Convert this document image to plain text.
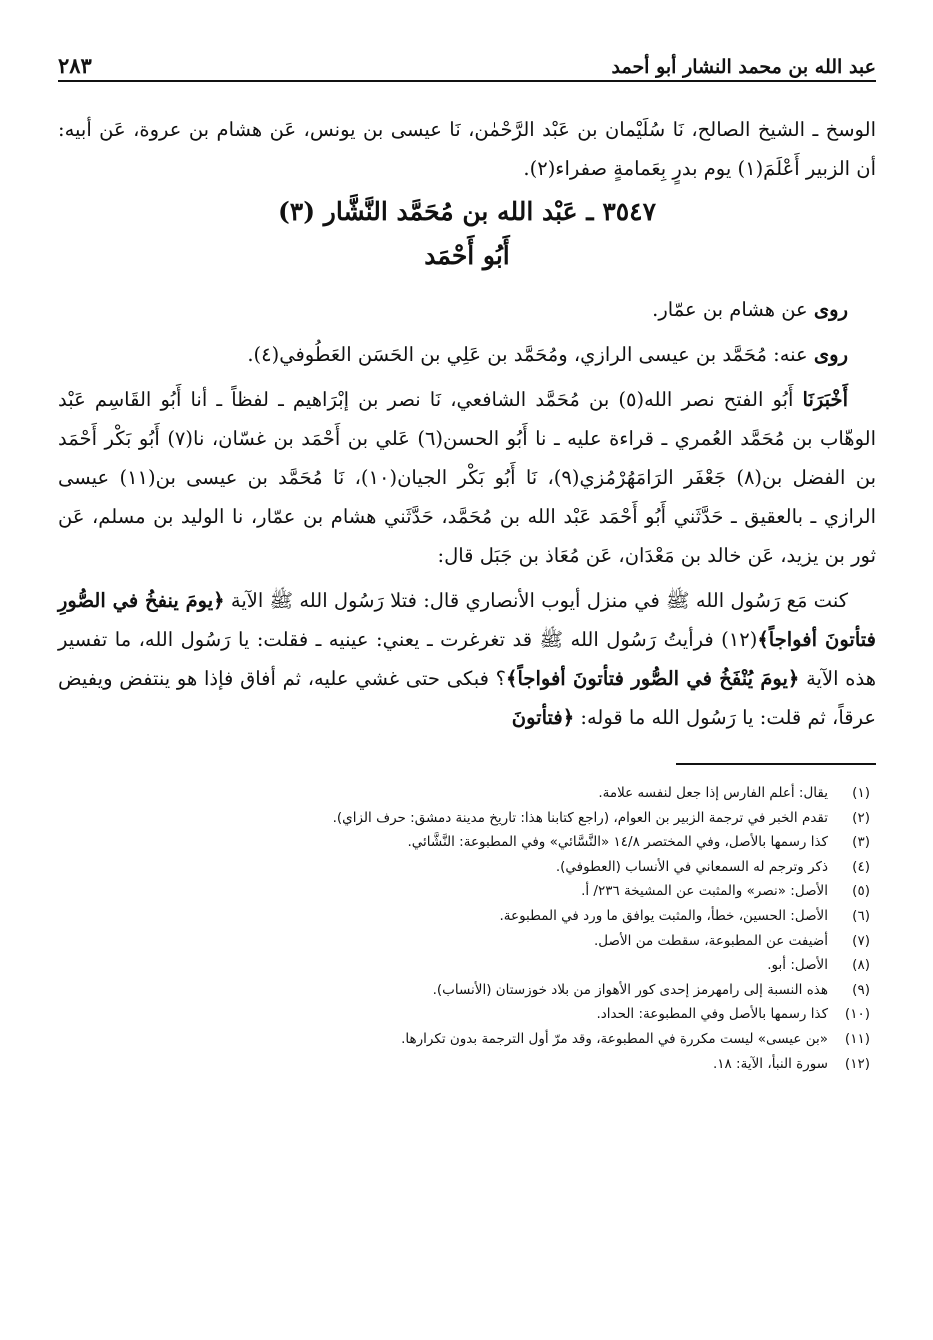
عبد الله بن محمد النشار أبو أحمد
٢٨٣

الوسخ ـ الشيخ الصالح، نَا سُلَيْمان بن عَبْد الرَّحْمٰن، نَا عيسى بن يونس، عَن هشام بن عروة، عَن أبيه: أن الزبير أَعْلَمَ(١) يوم بدرٍ بِعَمامةٍ صفراء(٢).

٣٥٤٧ ـ عَبْد الله بن مُحَمَّد النَّشَّار (٣)
أَبُو أَحْمَد

روى عن هشام بن عمّار.

روى عنه: مُحَمَّد بن عيسى الرازي، ومُحَمَّد بن عَلِي بن الحَسَن العَطُوفي(٤).

أَخْبَرَنَا أَبُو الفتح نصر الله(٥) بن مُحَمَّد الشافعي، نَا نصر بن إبْرَاهيم ـ لفظاً ـ أنا أَبُو القَاسِم عَبْد الوهّاب بن مُحَمَّد العُمري ـ قراءة عليه ـ نا أَبُو الحسن(٦) عَلي بن أَحْمَد بن غسّان، نا(٧) أَبُو بَكْر أَحْمَد بن الفضل بن(٨) جَعْفَر الرَامَهُرْمُزي(٩)، نَا أَبُو بَكْر الجيان(١٠)، نَا مُحَمَّد بن عيسى بن(١١) عيسى الرازي ـ بالعقيق ـ حَدَّثَني أَبُو أَحْمَد عَبْد الله بن مُحَمَّد، حَدَّثَني هشام بن عمّار، نا الوليد بن مسلم، عَن ثور بن يزيد، عَن خالد بن مَعْدَان، عَن مُعَاذ بن جَبَل قال:

كنت مَع رَسُول الله ﷺ في منزل أيوب الأنصاري قال: فتلا رَسُول الله ﷺ الآية ﴿يومَ ينفخُ في الصُّورِ فتأتونَ أفواجاً﴾(١٢) فرأيتُ رَسُول الله ﷺ قد تغرغرت ـ يعني: عينيه ـ فقلت: يا رَسُول الله، ما تفسير هذه الآية ﴿يومَ يُنْفَخُ في الصُّور فتأتونَ أفواجاً﴾؟ فبكى حتى غشي عليه، ثم أفاق فإذا هو ينتفض ويفيض عرقاً، ثم قلت: يا رَسُول الله ما قوله: ﴿فتأتونَ

(١)
يقال: أعلم الفارس إذا جعل لنفسه علامة.
(٢)
تقدم الخبر في ترجمة الزبير بن العوام، (راجع كتابنا هذا: تاريخ مدينة دمشق: حرف الزاي).
(٣)
كذا رسمها بالأصل، وفي المختصر ١٤/٨ «النَّسَّائي» وفي المطبوعة: النَّشَّائي.
(٤)
ذكر وترجم له السمعاني في الأنساب (العطوفي).
(٥)
الأصل: «نصر» والمثبت عن المشيخة ٢٣٦/ أ.
(٦)
الأصل: الحسين، خطأ، والمثبت يوافق ما ورد في المطبوعة.
(٧)
أضيفت عن المطبوعة، سقطت من الأصل.
(٨)
الأصل: أبو.
(٩)
هذه النسبة إلى رامهرمز إحدى كور الأهواز من بلاد خوزستان (الأنساب).
(١٠)
كذا رسمها بالأصل وفي المطبوعة: الحداد.
(١١)
«بن عيسى» ليست مكررة في المطبوعة، وقد مرّ أول الترجمة بدون تكرارها.
(١٢)
سورة النبأ، الآية: ١٨.
